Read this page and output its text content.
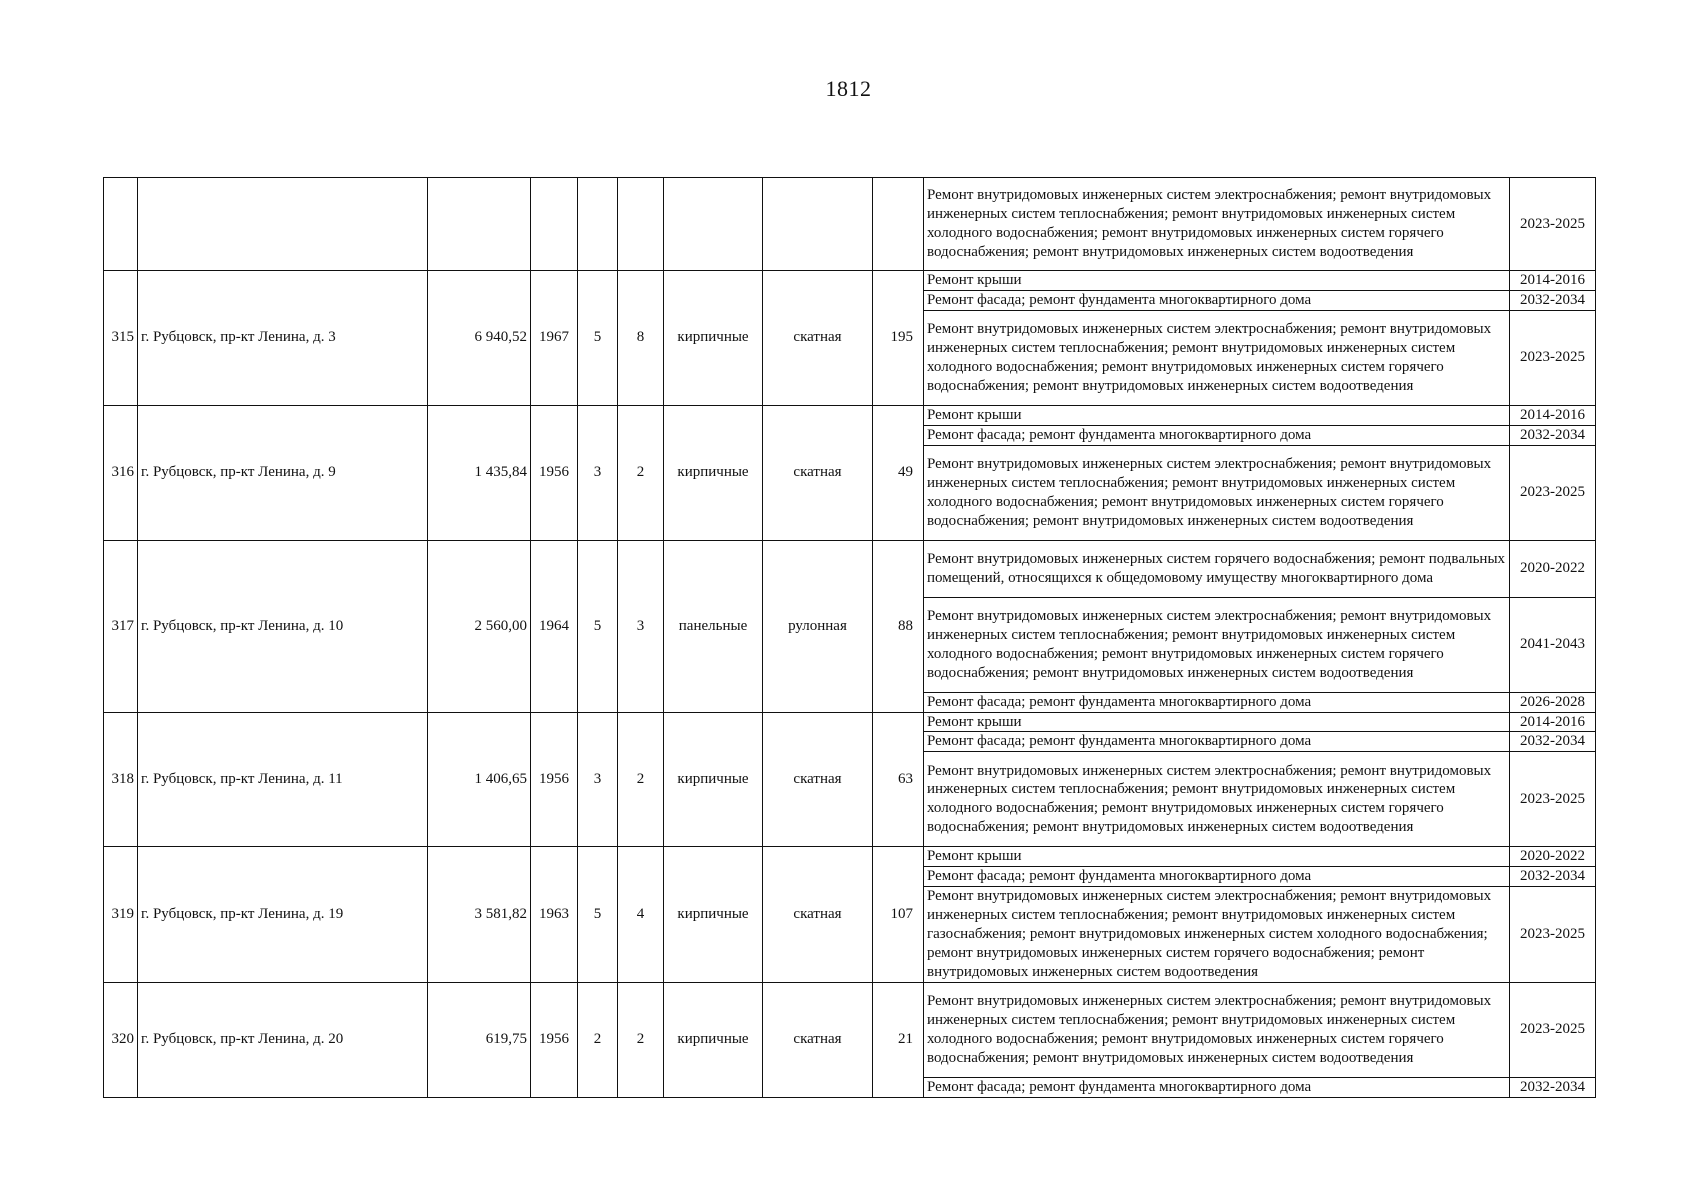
1812
									Ремонт внутридомовых инженерных систем электроснабжения; ремонт внутридомовых инженерных систем теплоснабжения; ремонт внутридомовых инженерных систем холодного водоснабжения; ремонт внутридомовых инженерных систем горячего водоснабжения; ремонт внутридомовых инженерных систем водоотведения	2023-2025
315	г. Рубцовск, пр-кт Ленина, д. 3	6 940,52	1967	5	8	кирпичные	скатная	195	Ремонт крыши	2014-2016
									Ремонт фасада; ремонт фундамента многоквартирного дома	2032-2034
									Ремонт внутридомовых инженерных систем электроснабжения; ремонт внутридомовых инженерных систем теплоснабжения; ремонт внутридомовых инженерных систем холодного водоснабжения; ремонт внутридомовых инженерных систем горячего водоснабжения; ремонт внутридомовых инженерных систем водоотведения	2023-2025
316	г. Рубцовск, пр-кт Ленина, д. 9	1 435,84	1956	3	2	кирпичные	скатная	49	Ремонт крыши	2014-2016
									Ремонт фасада; ремонт фундамента многоквартирного дома	2032-2034
									Ремонт внутридомовых инженерных систем электроснабжения; ремонт внутридомовых инженерных систем теплоснабжения; ремонт внутридомовых инженерных систем холодного водоснабжения; ремонт внутридомовых инженерных систем горячего водоснабжения; ремонт внутридомовых инженерных систем водоотведения	2023-2025
317	г. Рубцовск, пр-кт Ленина, д. 10	2 560,00	1964	5	3	панельные	рулонная	88	Ремонт внутридомовых инженерных систем горячего водоснабжения; ремонт подвальных помещений, относящихся к общедомовому имуществу многоквартирного дома	2020-2022
									Ремонт внутридомовых инженерных систем электроснабжения; ремонт внутридомовых инженерных систем теплоснабжения; ремонт внутридомовых инженерных систем холодного водоснабжения; ремонт внутридомовых инженерных систем горячего водоснабжения; ремонт внутридомовых инженерных систем водоотведения	2041-2043
									Ремонт фасада; ремонт фундамента многоквартирного дома	2026-2028
318	г. Рубцовск, пр-кт Ленина, д. 11	1 406,65	1956	3	2	кирпичные	скатная	63	Ремонт крыши	2014-2016
									Ремонт фасада; ремонт фундамента многоквартирного дома	2032-2034
									Ремонт внутридомовых инженерных систем электроснабжения; ремонт внутридомовых инженерных систем теплоснабжения; ремонт внутридомовых инженерных систем холодного водоснабжения; ремонт внутридомовых инженерных систем горячего водоснабжения; ремонт внутридомовых инженерных систем водоотведения	2023-2025
319	г. Рубцовск, пр-кт Ленина, д. 19	3 581,82	1963	5	4	кирпичные	скатная	107	Ремонт крыши	2020-2022
									Ремонт фасада; ремонт фундамента многоквартирного дома	2032-2034
									Ремонт внутридомовых инженерных систем электроснабжения; ремонт внутридомовых инженерных систем теплоснабжения; ремонт внутридомовых инженерных систем газоснабжения; ремонт внутридомовых инженерных систем холодного водоснабжения; ремонт внутридомовых инженерных систем горячего водоснабжения; ремонт внутридомовых инженерных систем водоотведения	2023-2025
320	г. Рубцовск, пр-кт Ленина, д. 20	619,75	1956	2	2	кирпичные	скатная	21	Ремонт внутридомовых инженерных систем электроснабжения; ремонт внутридомовых инженерных систем теплоснабжения; ремонт внутридомовых инженерных систем холодного водоснабжения; ремонт внутридомовых инженерных систем горячего водоснабжения; ремонт внутридомовых инженерных систем водоотведения	2023-2025
									Ремонт фасада; ремонт фундамента многоквартирного дома	2032-2034
